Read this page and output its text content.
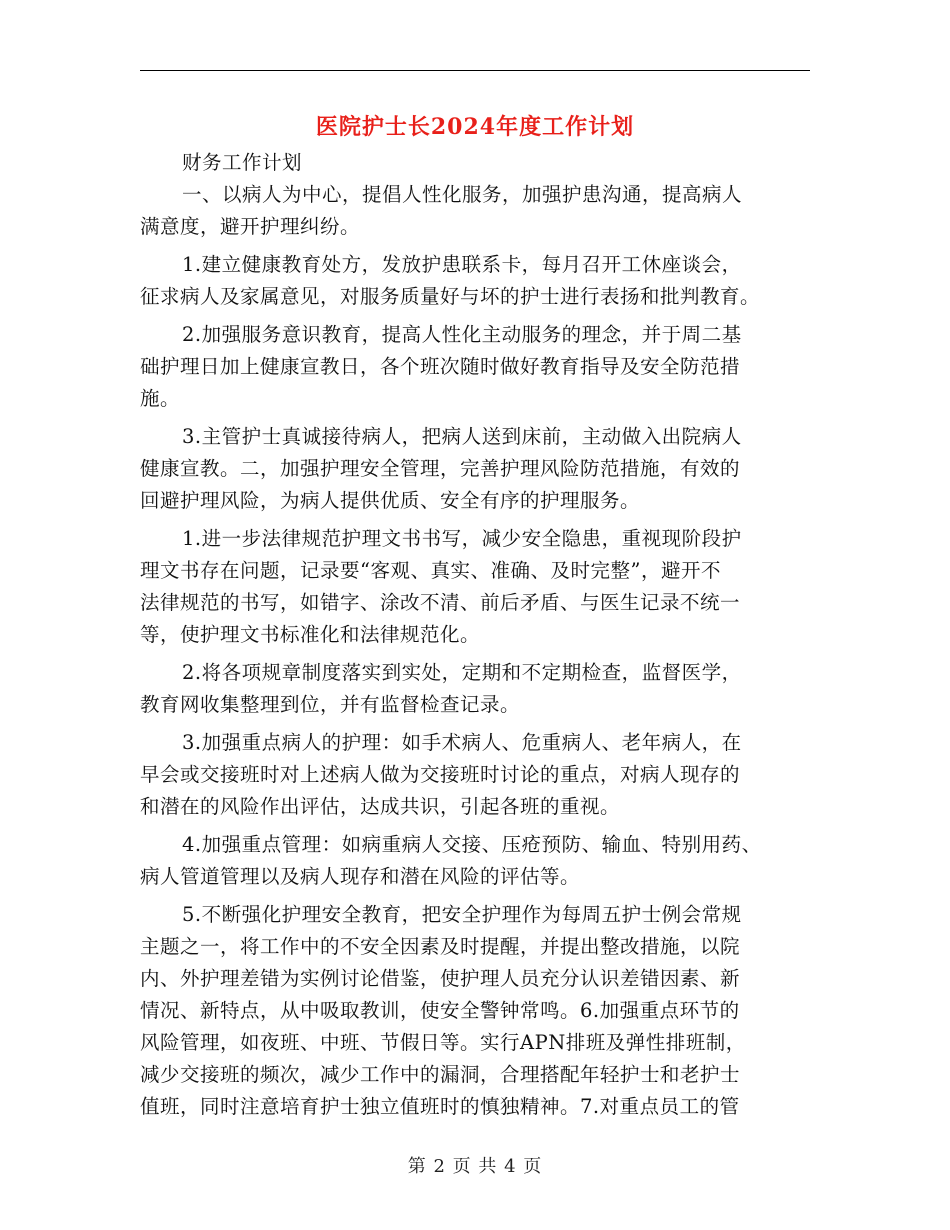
医院护士长2024年度工作计划
财务工作计划
一、以病人为中心，提倡人性化服务，加强护患沟通，提高病人
满意度，避开护理纠纷。
1.建立健康教育处方，发放护患联系卡，每月召开工休座谈会，
征求病人及家属意见，对服务质量好与坏的护士进行表扬和批判教育。
2.加强服务意识教育，提高人性化主动服务的理念，并于周二基
础护理日加上健康宣教日，各个班次随时做好教育指导及安全防范措
施。
3.主管护士真诚接待病人，把病人送到床前，主动做入出院病人
健康宣教。二，加强护理安全管理，完善护理风险防范措施，有效的
回避护理风险，为病人提供优质、安全有序的护理服务。
1.进一步法律规范护理文书书写，减少安全隐患，重视现阶段护
理文书存在问题，记录要“客观、真实、准确、及时完整”，避开不
法律规范的书写，如错字、涂改不清、前后矛盾、与医生记录不统一
等，使护理文书标准化和法律规范化。
2.将各项规章制度落实到实处，定期和不定期检查，监督医学，
教育网收集整理到位，并有监督检查记录。
3.加强重点病人的护理：如手术病人、危重病人、老年病人，在
早会或交接班时对上述病人做为交接班时讨论的重点，对病人现存的
和潜在的风险作出评估，达成共识，引起各班的重视。
4.加强重点管理：如病重病人交接、压疮预防、输血、特别用药、
病人管道管理以及病人现存和潜在风险的评估等。
5.不断强化护理安全教育，把安全护理作为每周五护士例会常规
主题之一，将工作中的不安全因素及时提醒，并提出整改措施，以院
内、外护理差错为实例讨论借鉴，使护理人员充分认识差错因素、新
情况、新特点，从中吸取教训，使安全警钟常鸣。6.加强重点环节的
风险管理，如夜班、中班、节假日等。实行APN排班及弹性排班制，
减少交接班的频次，减少工作中的漏洞，合理搭配年轻护士和老护士
值班，同时注意培育护士独立值班时的慎独精神。7.对重点员工的管
第 2 页 共 4 页
